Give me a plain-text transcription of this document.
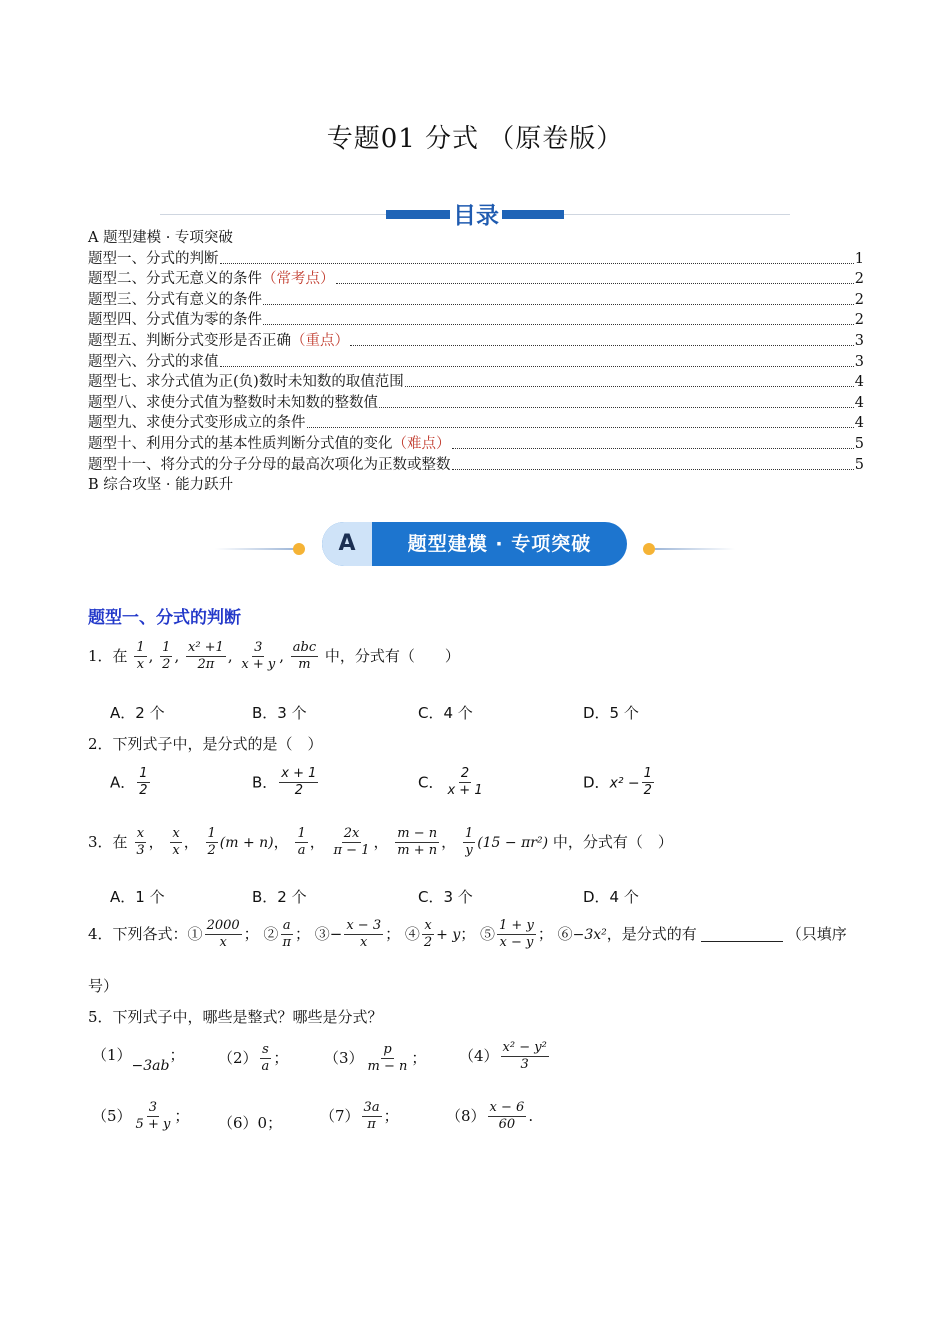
专题01 分式 （原卷版）
目录
A 题型建模 · 专项突破
题型一、分式的判断	1
题型二、分式无意义的条件 （常考点）	2
题型三、分式有意义的条件	2
题型四、分式值为零的条件	2
题型五、判断分式变形是否正确 （重点）	3
题型六、分式的求值	3
题型七、求分式值为正(负)数时未知数的取值范围	4
题型八、求使分式值为整数时未知数的整数值	4
题型九、求使分式变形成立的条件	4
题型十、利用分式的基本性质判断分式值的变化 （难点）	5
题型十一、将分式的分子分母的最高次项化为正数或整数	5
B 综合攻坚 · 能力跃升
A	题型建模 · 专项突破
题型一、分式的判断
1．在 $\frac{1}{x}$ , $\frac{1}{2}$ , $\frac{\text{x² +1}}{2\pi}$ , $\frac{3}{x + y}$ , abc
m 中，分式有（　　）
A．2 个	B．3 个	C．4 个	D．5 个
2．下列式子中，是分式的是（　）
A． $\frac{1}{2}$	B． $\frac{x + 1}{2}$	C． $\frac{2}{x + 1}$	D．$x^2 - \frac{1}{2}$
3．在 $\frac{x}{3}$ ， $\frac{x}{x}$ ， $\frac{1}{2} (m + n)$， $\frac{1}{a}$ ， $\frac{2x}{\pi - 1}$ ， $\frac{m - n}{m + n}$ ， $\frac{1}{y} (15 - \pi r^2)$ 中，分式有（　）
A．1 个	B．2 个	C．3 个	D．4 个
4．下列各式：① $\frac{2000}{x}$ ； ② $\frac{a}{\pi}$ ； ③− $\frac{x - 3}{x}$ ； ④ $\frac{x}{2} + y$； ⑤ $\frac{1 + y}{x - y}$ ； ⑥−3x²，是分式的有	（只填序
号）
5．下列式子中，哪些是整式？哪些是分式？
（1）−3ab； $(2) \frac{s}{a}$ ； $(3) \frac{p}{m - n}$ ； $(4) \frac{\text{x² − y²}}{3}$
$(5) \frac{3}{5 + y}$ ； （6）0；	$(7) \frac{3a}{\pi}$ ；	$(8) \frac{x - 6}{60}$ .
